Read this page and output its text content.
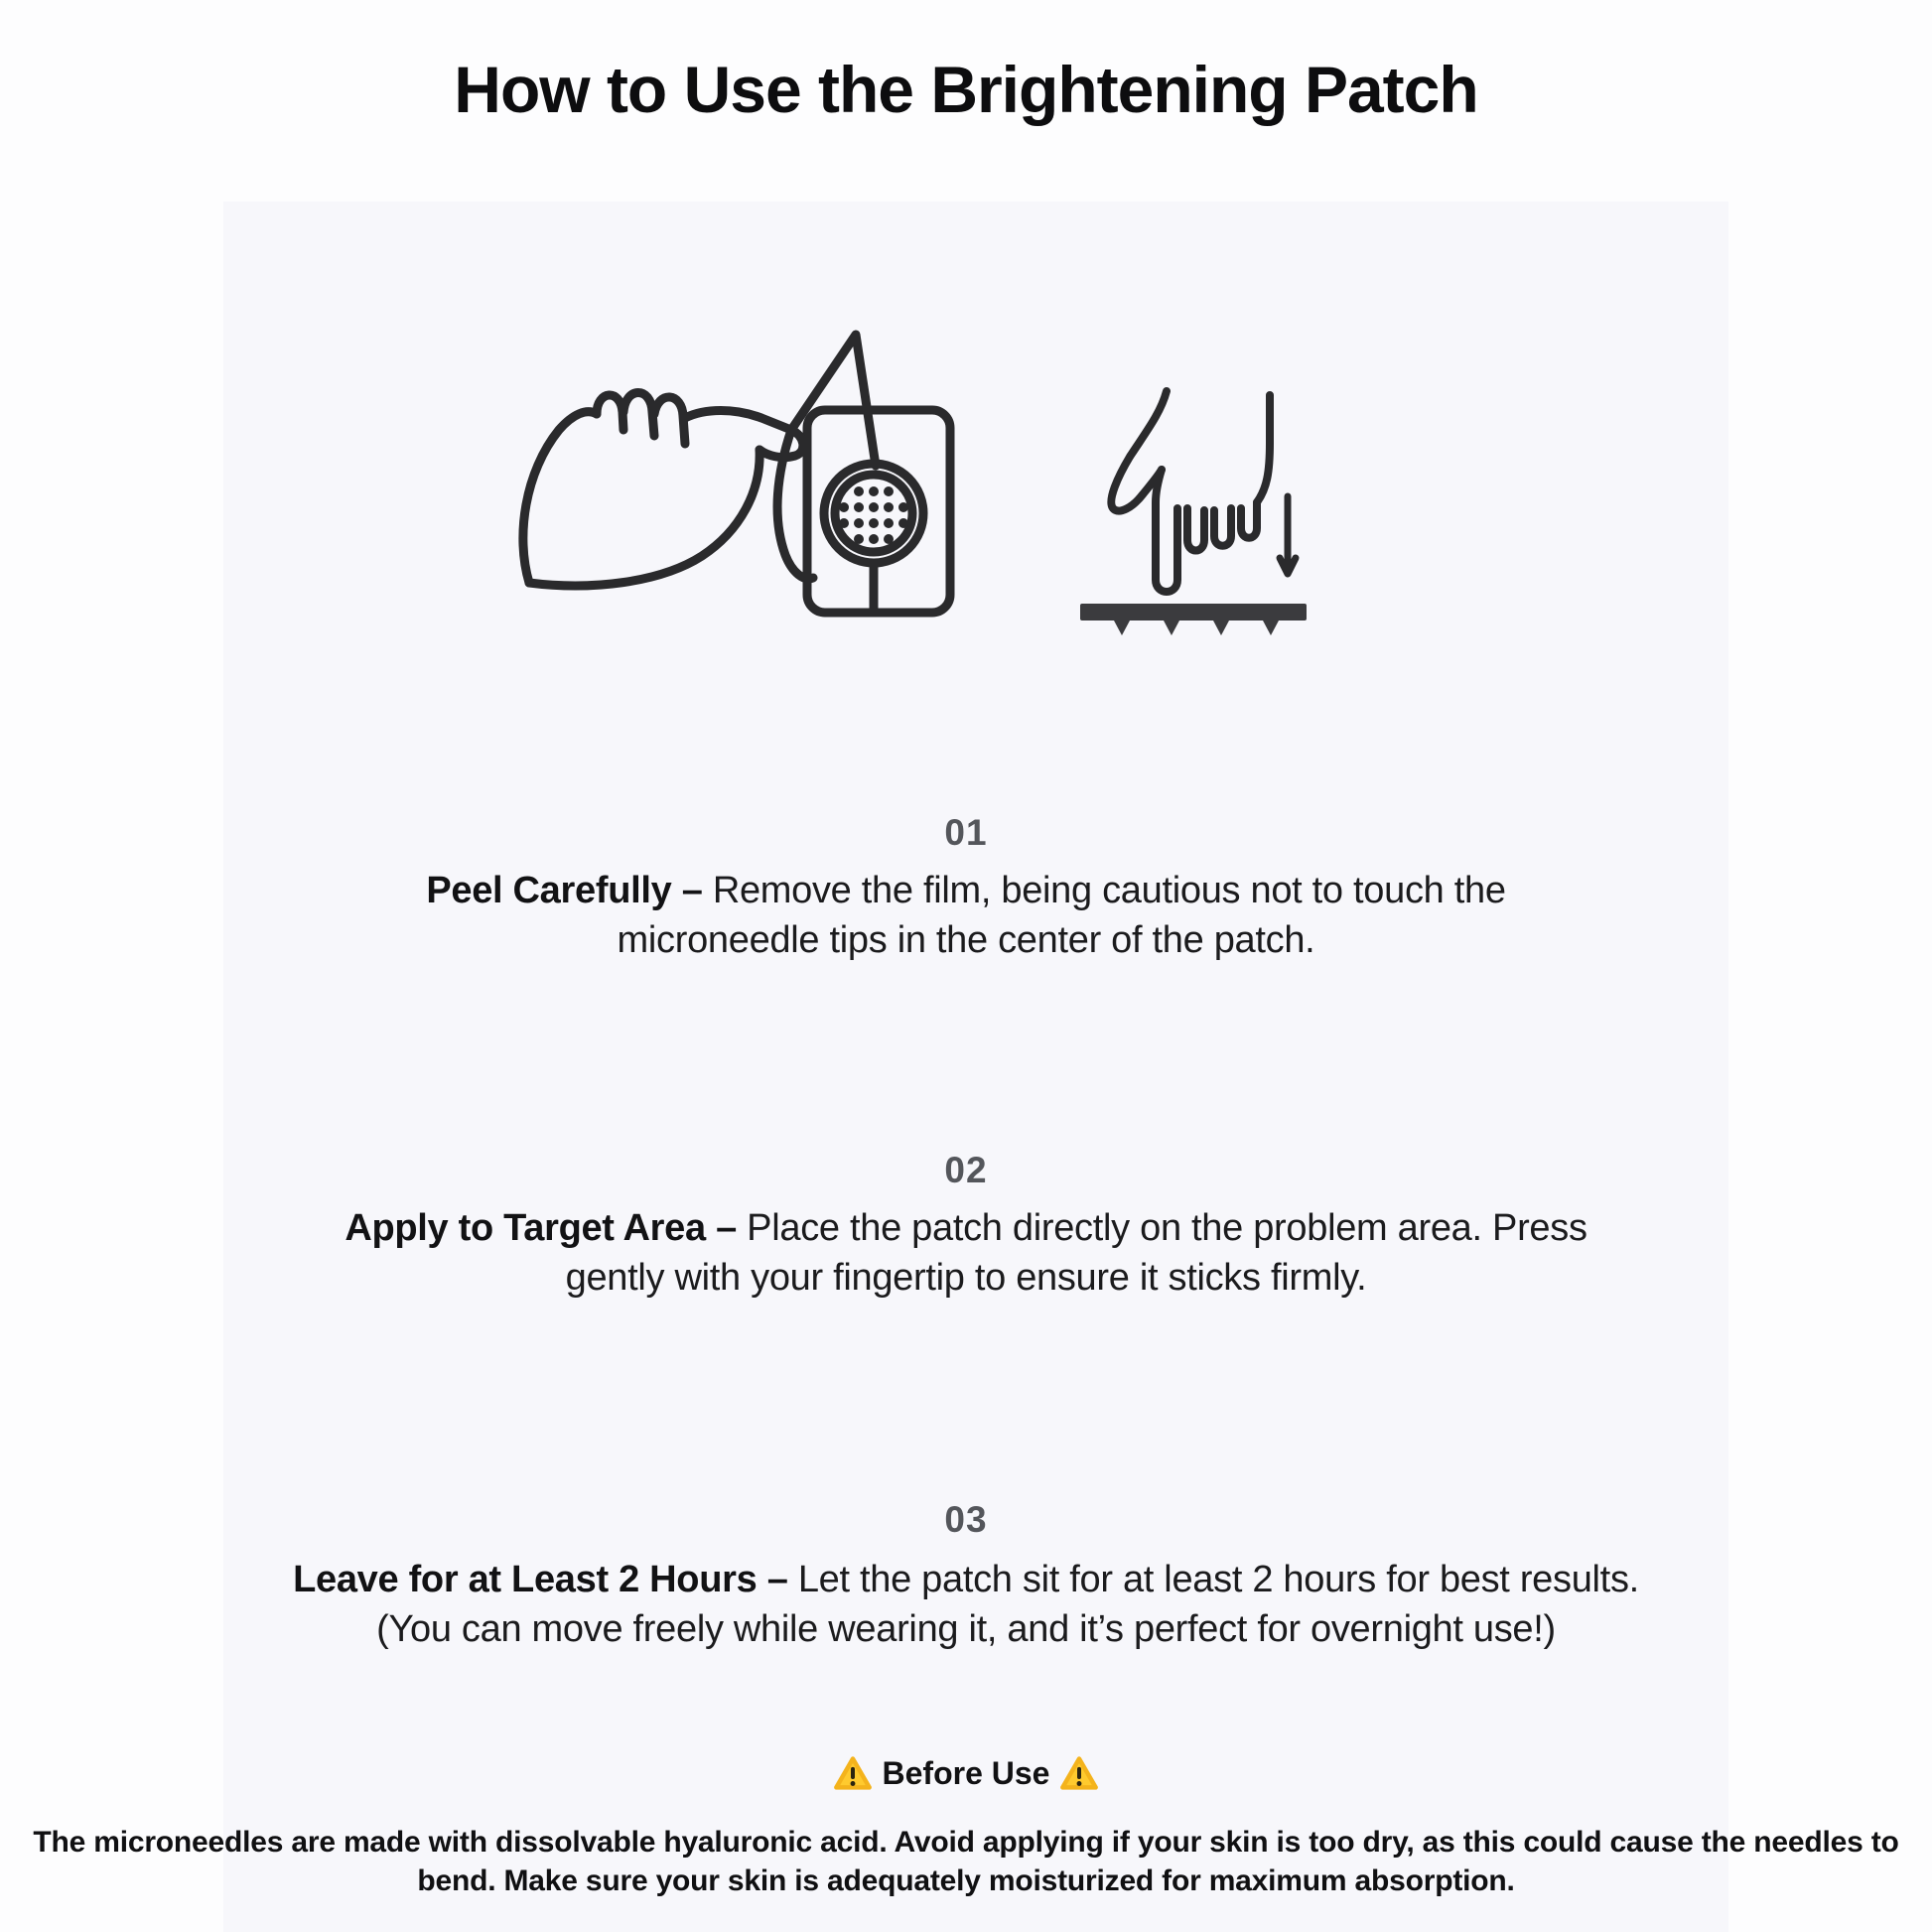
How to Use the Brightening Patch

01

Peel Carefully – Remove the film, being cautious not to touch the microneedle tips in the center of the patch.

02

Apply to Target Area – Place the patch directly on the problem area. Press gently with your fingertip to ensure it sticks firmly.

03

Leave for at Least 2 Hours – Let the patch sit for at least 2 hours for best results. (You can move freely while wearing it, and it’s perfect for overnight use!)

Before Use

The microneedles are made with dissolvable hyaluronic acid. Avoid applying if your skin is too dry, as this could cause the needles to bend. Make sure your skin is adequately moisturized for maximum absorption.
